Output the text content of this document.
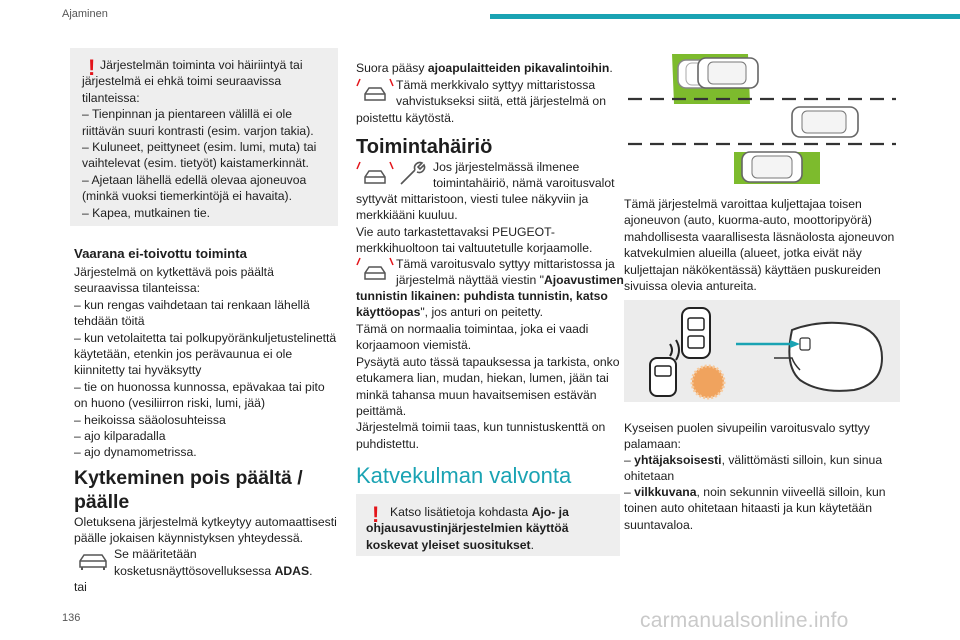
Ajaminen
! Järjestelmän toiminta voi häiriintyä tai järjestelmä ei ehkä toimi seuraavissa tilanteissa:
– Tienpinnan ja pientareen välillä ei ole riittävän suuri kontrasti (esim. varjon takia).
– Kuluneet, peittyneet (esim. lumi, muta) tai vaihtelevat (esim. tietyöt) kaistamerkinnät.
– Ajetaan lähellä edellä olevaa ajoneuvoa (minkä vuoksi tiemerkintöjä ei havaita).
– Kapea, mutkainen tie.
Vaarana ei-toivottu toiminta
Järjestelmä on kytkettävä pois päältä seuraavissa tilanteissa:
– kun rengas vaihdetaan tai renkaan lähellä tehdään töitä
– kun vetolaitetta tai polkupyöränkuljetustelinettä käytetään, etenkin jos perävaunua ei ole kiinnitetty tai hyväksytty
– tie on huonossa kunnossa, epävakaa tai pito on huono (vesiliirron riski, lumi, jää)
– heikoissa sääolosuhteissa
– ajo kilparadalla
– ajo dynamometrissa.
Kytkeminen pois päältä /
päälle
Oletuksena järjestelmä kytkeytyy automaattisesti päälle jokaisen käynnistyksen yhteydessä.
Se määritetään
kosketusnäyttösovelluksessa ADAS.
tai
Suora pääsy ajoapulaitteiden pikavalintoihin.
Tämä merkkivalo syttyy mittaristossa
vahvistukseksi siitä, että järjestelmä on
poistettu käytöstä.
Toimintahäiriö
Jos järjestelmässä ilmenee
toimintahäiriö, nämä varoitusvalot
syttyvät mittaristoon, viesti tulee näkyviin ja merkkiääni kuuluu.
Vie auto tarkastettavaksi PEUGEOT-merkkihuoltoon tai valtuutetulle korjaamolle.
Tämä varoitusvalo syttyy mittaristossa ja
järjestelmä näyttää viestin "Ajoavustimen
tunnistin likainen: puhdista tunnistin, katso käyttöopas", jos anturi on peitetty.
Tämä on normaalia toimintaa, joka ei vaadi korjaamoon viemistä.
Pysäytä auto tässä tapauksessa ja tarkista, onko etukamera lian, mudan, hiekan, lumen, jään tai minkä tahansa muun havaitsemisen estävän peittämä.
Järjestelmä toimii taas, kun tunnistuskenttä on puhdistettu.
Katvekulman valvonta
! Katso lisätietoja kohdasta Ajo- ja ohjausavustinjärjestelmien käyttöä koskevat yleiset suositukset.
Tämä järjestelmä varoittaa kuljettajaa toisen ajoneuvon (auto, kuorma-auto, moottoripyörä) mahdollisesta vaarallisesta läsnäolosta ajoneuvon katvekulmien alueilla (alueet, jotka eivät näy kuljettajan näkökentässä) käyttäen puskureiden sivuissa olevia antureita.
Kyseisen puolen sivupeilin varoitusvalo syttyy palamaan:
– yhtäjaksoisesti, välittömästi silloin, kun sinua ohitetaan
– vilkkuvana, noin sekunnin viiveellä silloin, kun toinen auto ohitetaan hitaasti ja kun käytetään suuntavaloa.
136	carmanualsonline.info
